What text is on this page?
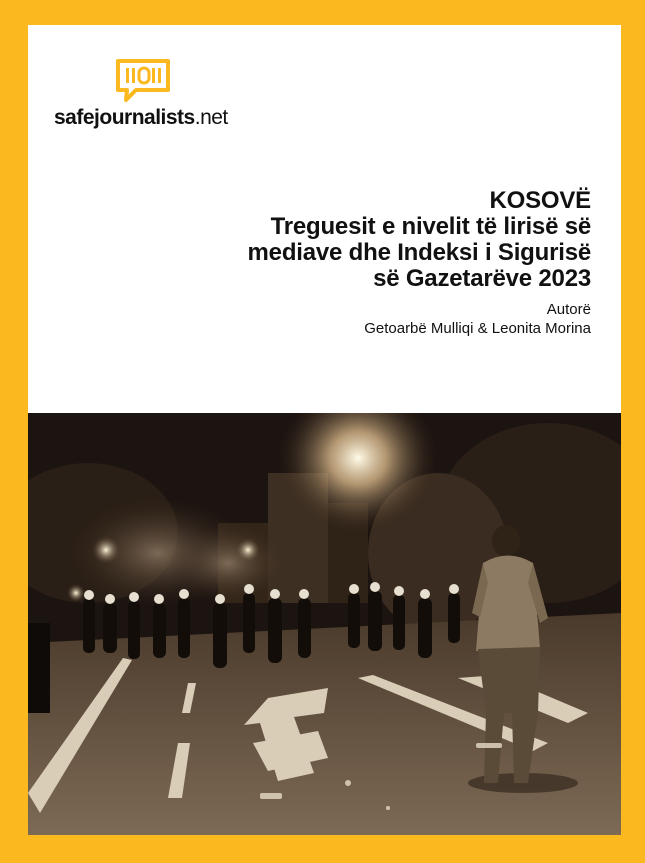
safejournalists.net
KOSOVË
Treguesit e nivelit të lirisë së
mediave dhe Indeksi i Sigurisë
së Gazetarëve 2023
Autorë
Getoarbë Mulliqi & Leonita Morina
